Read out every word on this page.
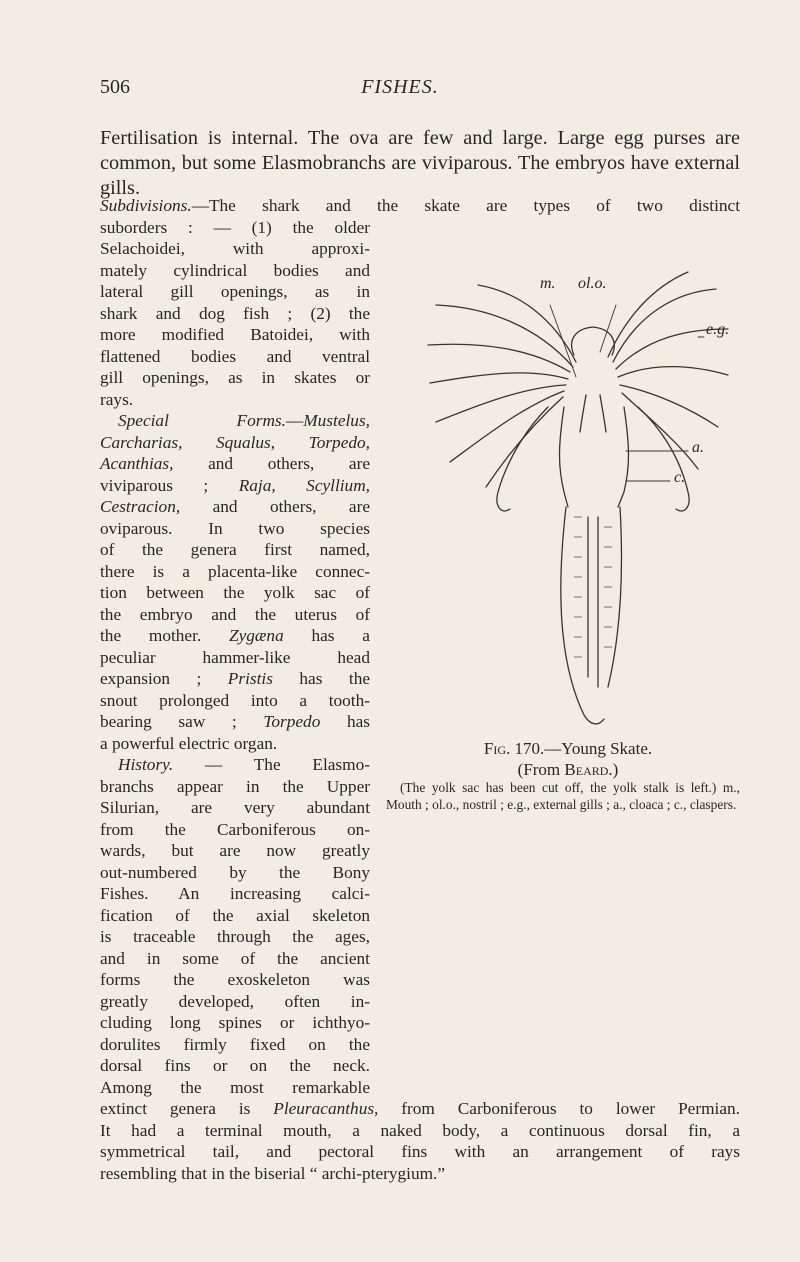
506	FISHES.

Fertilisation is internal. The ova are few and large. Large egg purses are common, but some Elasmobranchs are viviparous. The embryos have external gills.

Subdivisions.—The shark and the skate are types of two distinct
suborders : — (1) the older
Selachoidei, with approxi-
mately cylindrical bodies and
lateral gill openings, as in
shark and dog fish ; (2) the
more modified Batoidei, with
flattened bodies and ventral
gill openings, as in skates or
rays.
Special Forms.—Mustelus,
Carcharias, Squalus, Torpedo,
Acanthias, and others, are
viviparous ; Raja, Scyllium,
Cestracion, and others, are
oviparous. In two species
of the genera first named,
there is a placenta-like connec-
tion between the yolk sac of
the embryo and the uterus of
the mother. Zygæna has a
peculiar hammer-like head
expansion ; Pristis has the
snout prolonged into a tooth-
bearing saw ; Torpedo has
a powerful electric organ.
History. — The Elasmo-
branchs appear in the Upper
Silurian, are very abundant
from the Carboniferous on-
wards, but are now greatly
out-numbered by the Bony
Fishes. An increasing calci-
fication of the axial skeleton
is traceable through the ages,
and in some of the ancient
forms the exoskeleton was
greatly developed, often in-
cluding long spines or ichthyo-
dorulites firmly fixed on the
dorsal fins or on the neck.
Among the most remarkable
extinct genera is Pleuracanthus, from Carboniferous to lower Permian.
It had a terminal mouth, a naked body, a continuous dorsal fin, a
symmetrical tail, and pectoral fins with an arrangement of rays
resembling that in the biserial “ archi-pterygium.”
m. ol.o.
e.g.
a.
c.
Fig. 170.—Young Skate.
(From Beard.)
(The yolk sac has been cut off, the yolk stalk is left.) m., Mouth ; ol.o., nostril ; e.g., external gills ; a., cloaca ; c., claspers.
